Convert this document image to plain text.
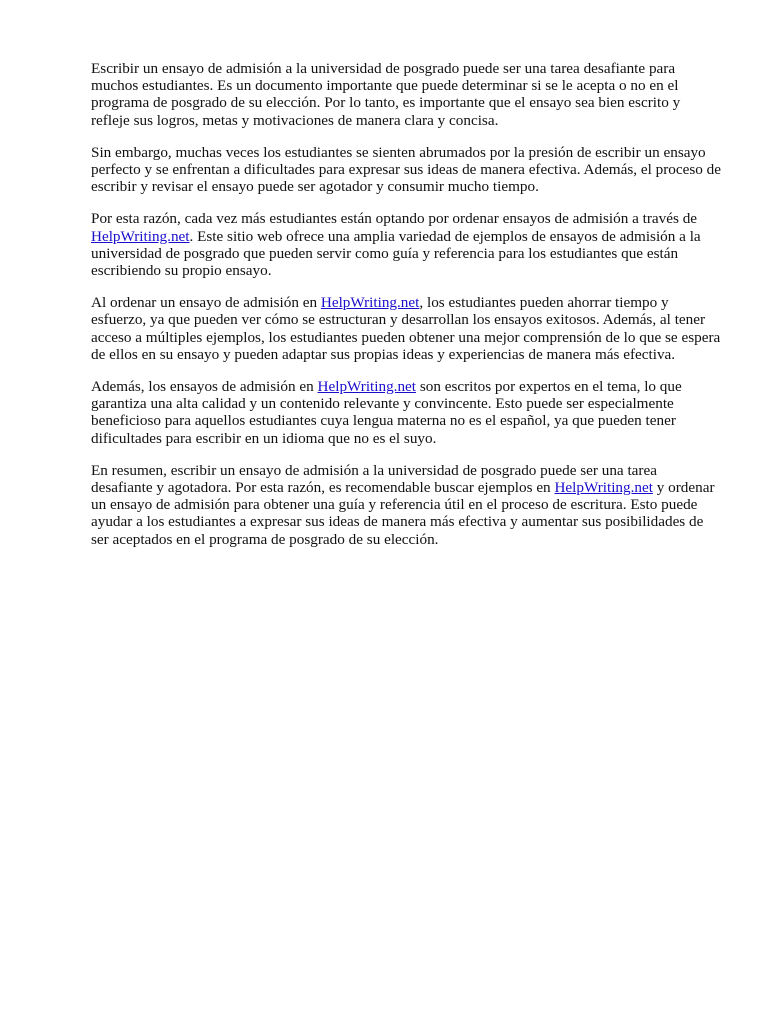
Escribir un ensayo de admisión a la universidad de posgrado puede ser una tarea desafiante para muchos estudiantes. Es un documento importante que puede determinar si se le acepta o no en el programa de posgrado de su elección. Por lo tanto, es importante que el ensayo sea bien escrito y refleje sus logros, metas y motivaciones de manera clara y concisa.

Sin embargo, muchas veces los estudiantes se sienten abrumados por la presión de escribir un ensayo perfecto y se enfrentan a dificultades para expresar sus ideas de manera efectiva. Además, el proceso de escribir y revisar el ensayo puede ser agotador y consumir mucho tiempo.

Por esta razón, cada vez más estudiantes están optando por ordenar ensayos de admisión a través de HelpWriting.net. Este sitio web ofrece una amplia variedad de ejemplos de ensayos de admisión a la universidad de posgrado que pueden servir como guía y referencia para los estudiantes que están escribiendo su propio ensayo.

Al ordenar un ensayo de admisión en HelpWriting.net, los estudiantes pueden ahorrar tiempo y esfuerzo, ya que pueden ver cómo se estructuran y desarrollan los ensayos exitosos. Además, al tener acceso a múltiples ejemplos, los estudiantes pueden obtener una mejor comprensión de lo que se espera de ellos en su ensayo y pueden adaptar sus propias ideas y experiencias de manera más efectiva.

Además, los ensayos de admisión en HelpWriting.net son escritos por expertos en el tema, lo que garantiza una alta calidad y un contenido relevante y convincente. Esto puede ser especialmente beneficioso para aquellos estudiantes cuya lengua materna no es el español, ya que pueden tener dificultades para escribir en un idioma que no es el suyo.

En resumen, escribir un ensayo de admisión a la universidad de posgrado puede ser una tarea desafiante y agotadora. Por esta razón, es recomendable buscar ejemplos en HelpWriting.net y ordenar un ensayo de admisión para obtener una guía y referencia útil en el proceso de escritura. Esto puede ayudar a los estudiantes a expresar sus ideas de manera más efectiva y aumentar sus posibilidades de ser aceptados en el programa de posgrado de su elección.
